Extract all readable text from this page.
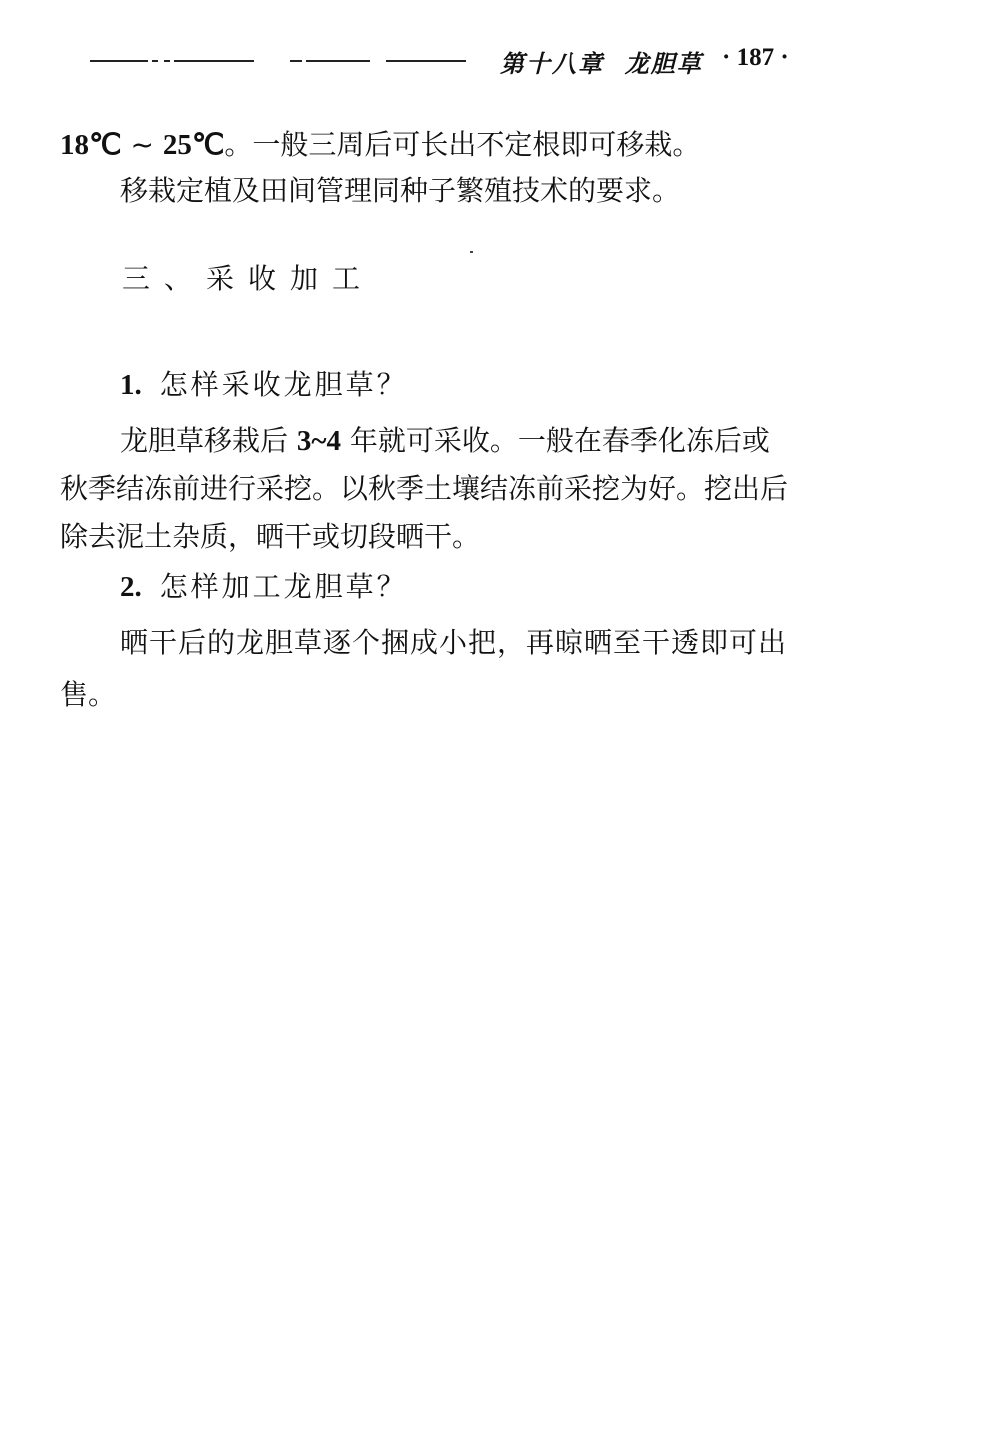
第十八章 龙胆草 · 187 ·
18℃ ~ 25℃。一般三周后可长出不定根即可移栽。
移栽定植及田间管理同种子繁殖技术的要求。
三、采收加工
1. 怎样采收龙胆草？
龙胆草移栽后 3~4 年就可采收。一般在春季化冻后或
秋季结冻前进行采挖。以秋季土壤结冻前采挖为好。挖出后
除去泥土杂质，晒干或切段晒干。
2. 怎样加工龙胆草？
晒干后的龙胆草逐个捆成小把，再晾晒至干透即可出
售。
